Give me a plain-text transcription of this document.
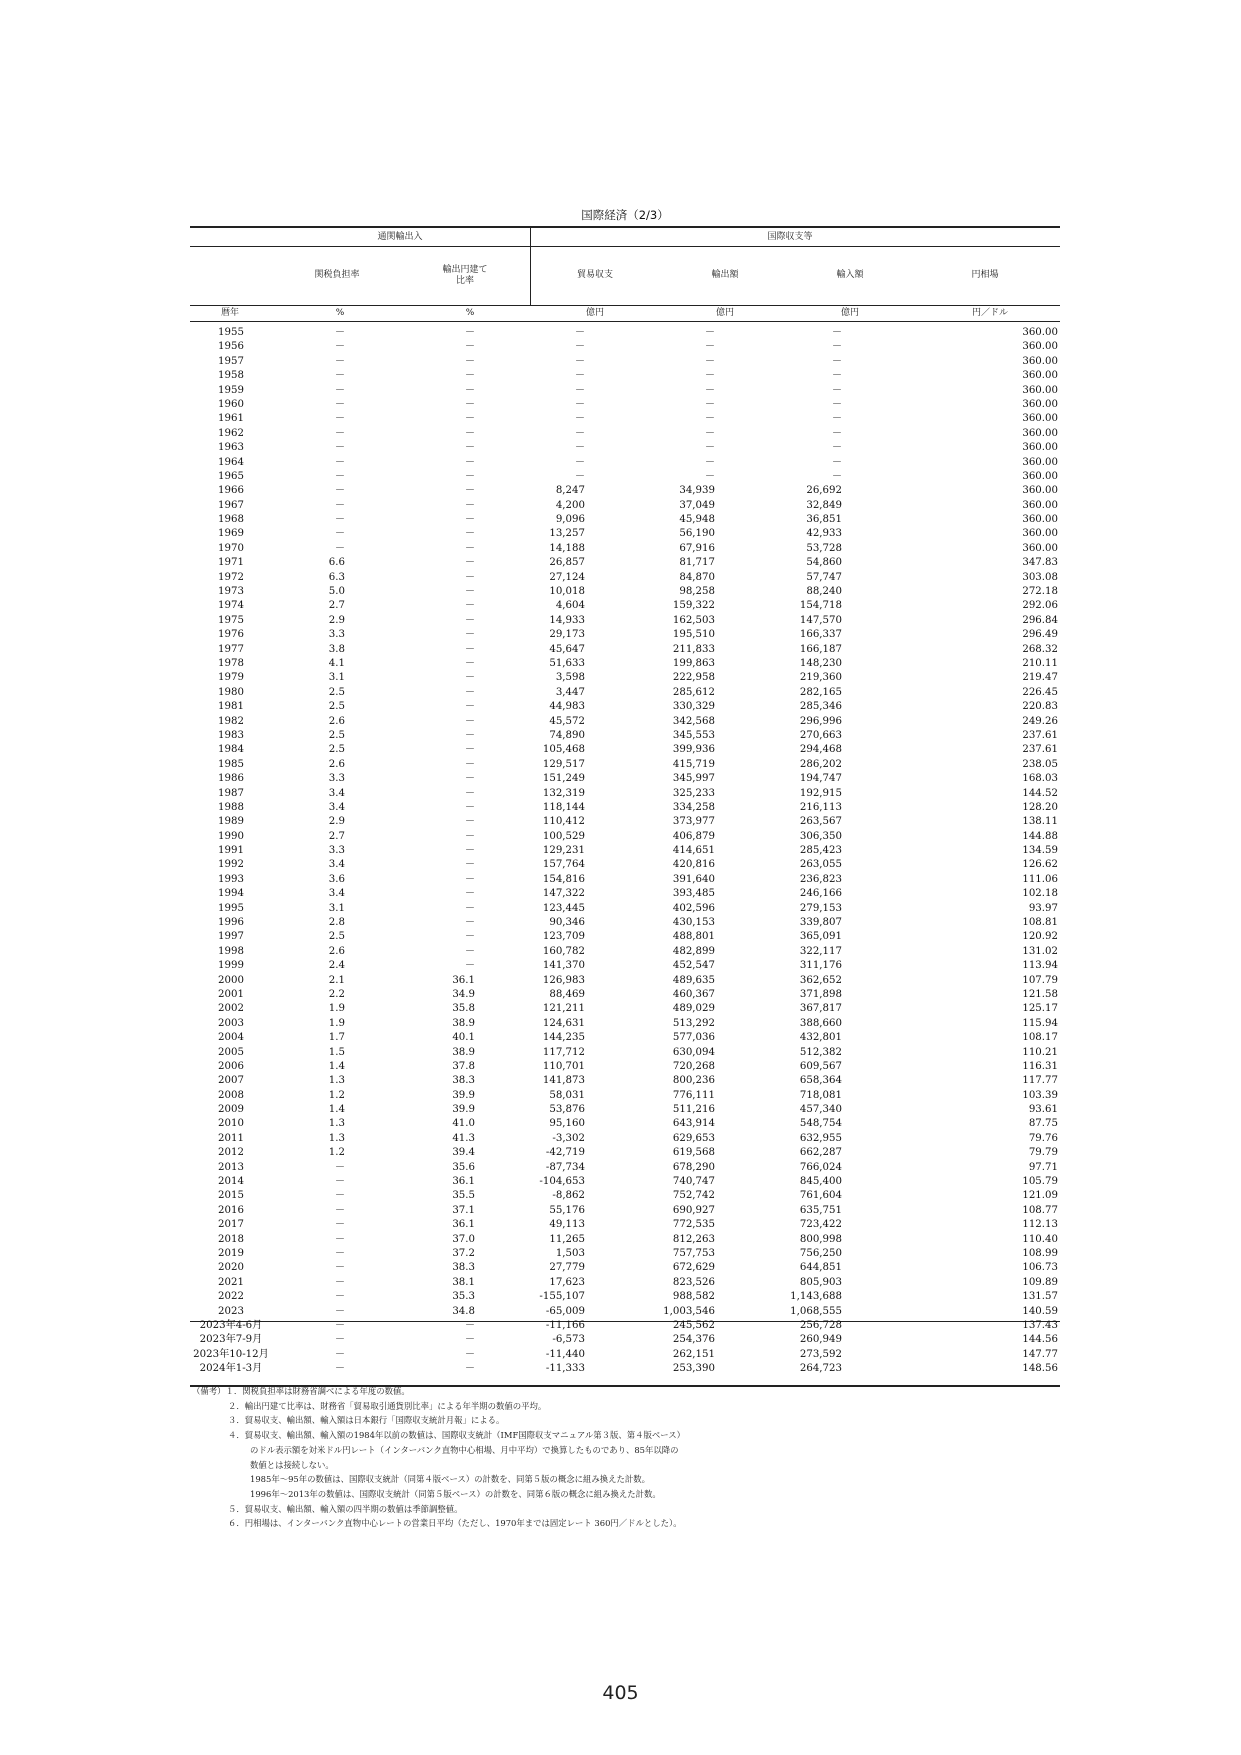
国際経済（2/3）
通関輸出入	国際収支等
関税負担率	輸出円建て
比率
貿易収支	輸出額	輸入額	円相場
暦年	%	%	億円	億円	億円	円／ドル
1955	－	－	－	－	－	360.00
1956	－	－	－	－	－	360.00
1957	－	－	－	－	－	360.00
1958	－	－	－	－	－	360.00
1959	－	－	－	－	－	360.00
1960	－	－	－	－	－	360.00
1961	－	－	－	－	－	360.00
1962	－	－	－	－	－	360.00
1963	－	－	－	－	－	360.00
1964	－	－	－	－	－	360.00
1965	－	－	－	－	－	360.00
1966	－	－	8,247	34,939	26,692	360.00
1967	－	－	4,200	37,049	32,849	360.00
1968	－	－	9,096	45,948	36,851	360.00
1969	－	－	13,257	56,190	42,933	360.00
1970	－	－	14,188	67,916	53,728	360.00
1971	6.6	－	26,857	81,717	54,860	347.83
1972	6.3	－	27,124	84,870	57,747	303.08
1973	5.0	－	10,018	98,258	88,240	272.18
1974	2.7	－	4,604	159,322	154,718	292.06
1975	2.9	－	14,933	162,503	147,570	296.84
1976	3.3	－	29,173	195,510	166,337	296.49
1977	3.8	－	45,647	211,833	166,187	268.32
1978	4.1	－	51,633	199,863	148,230	210.11
1979	3.1	－	3,598	222,958	219,360	219.47
1980	2.5	－	3,447	285,612	282,165	226.45
1981	2.5	－	44,983	330,329	285,346	220.83
1982	2.6	－	45,572	342,568	296,996	249.26
1983	2.5	－	74,890	345,553	270,663	237.61
1984	2.5	－	105,468	399,936	294,468	237.61
1985	2.6	－	129,517	415,719	286,202	238.05
1986	3.3	－	151,249	345,997	194,747	168.03
1987	3.4	－	132,319	325,233	192,915	144.52
1988	3.4	－	118,144	334,258	216,113	128.20
1989	2.9	－	110,412	373,977	263,567	138.11
1990	2.7	－	100,529	406,879	306,350	144.88
1991	3.3	－	129,231	414,651	285,423	134.59
1992	3.4	－	157,764	420,816	263,055	126.62
1993	3.6	－	154,816	391,640	236,823	111.06
1994	3.4	－	147,322	393,485	246,166	102.18
1995	3.1	－	123,445	402,596	279,153	93.97
1996	2.8	－	90,346	430,153	339,807	108.81
1997	2.5	－	123,709	488,801	365,091	120.92
1998	2.6	－	160,782	482,899	322,117	131.02
1999	2.4	－	141,370	452,547	311,176	113.94
2000	2.1	36.1	126,983	489,635	362,652	107.79
2001	2.2	34.9	88,469	460,367	371,898	121.58
2002	1.9	35.8	121,211	489,029	367,817	125.17
2003	1.9	38.9	124,631	513,292	388,660	115.94
2004	1.7	40.1	144,235	577,036	432,801	108.17
2005	1.5	38.9	117,712	630,094	512,382	110.21
2006	1.4	37.8	110,701	720,268	609,567	116.31
2007	1.3	38.3	141,873	800,236	658,364	117.77
2008	1.2	39.9	58,031	776,111	718,081	103.39
2009	1.4	39.9	53,876	511,216	457,340	93.61
2010	1.3	41.0	95,160	643,914	548,754	87.75
2011	1.3	41.3	-3,302	629,653	632,955	79.76
2012	1.2	39.4	-42,719	619,568	662,287	79.79
2013	－	35.6	-87,734	678,290	766,024	97.71
2014	－	36.1	-104,653	740,747	845,400	105.79
2015	－	35.5	-8,862	752,742	761,604	121.09
2016	－	37.1	55,176	690,927	635,751	108.77
2017	－	36.1	49,113	772,535	723,422	112.13
2018	－	37.0	11,265	812,263	800,998	110.40
2019	－	37.2	1,503	757,753	756,250	108.99
2020	－	38.3	27,779	672,629	644,851	106.73
2021	－	38.1	17,623	823,526	805,903	109.89
2022	－	35.3	-155,107	988,582	1,143,688	131.57
2023	－	34.8	-65,009	1,003,546	1,068,555	140.59
2023年4-6月	－	－	-11,166	245,562	256,728	137.43
2023年7-9月	－	－	-6,573	254,376	260,949	144.56
2023年10-12月	－	－	-11,440	262,151	273,592	147.77
2024年1-3月	－	－	-11,333	253,390	264,723	148.56
（備考）１．関税負担率は財務省調べによる年度の数値。
２．輸出円建て比率は、財務省「貿易取引通貨別比率」による年半期の数値の平均。
３．貿易収支、輸出額、輸入額は日本銀行「国際収支統計月報」による。
４．貿易収支、輸出額、輸入額の1984年以前の数値は、国際収支統計（IMF国際収支マニュアル第３版、第４版ベース）
のドル表示額を対米ドル円レート（インターバンク直物中心相場、月中平均）で換算したものであり、85年以降の
数値とは接続しない。
1985年～95年の数値は、国際収支統計（同第４版ベース）の計数を、同第５版の概念に組み換えた計数。
1996年～2013年の数値は、国際収支統計（同第５版ベース）の計数を、同第６版の概念に組み換えた計数。
５．貿易収支、輸出額、輸入額の四半期の数値は季節調整値。
６．円相場は、インターバンク直物中心レートの営業日平均（ただし、1970年までは固定レート 360円／ドルとした）。
405
